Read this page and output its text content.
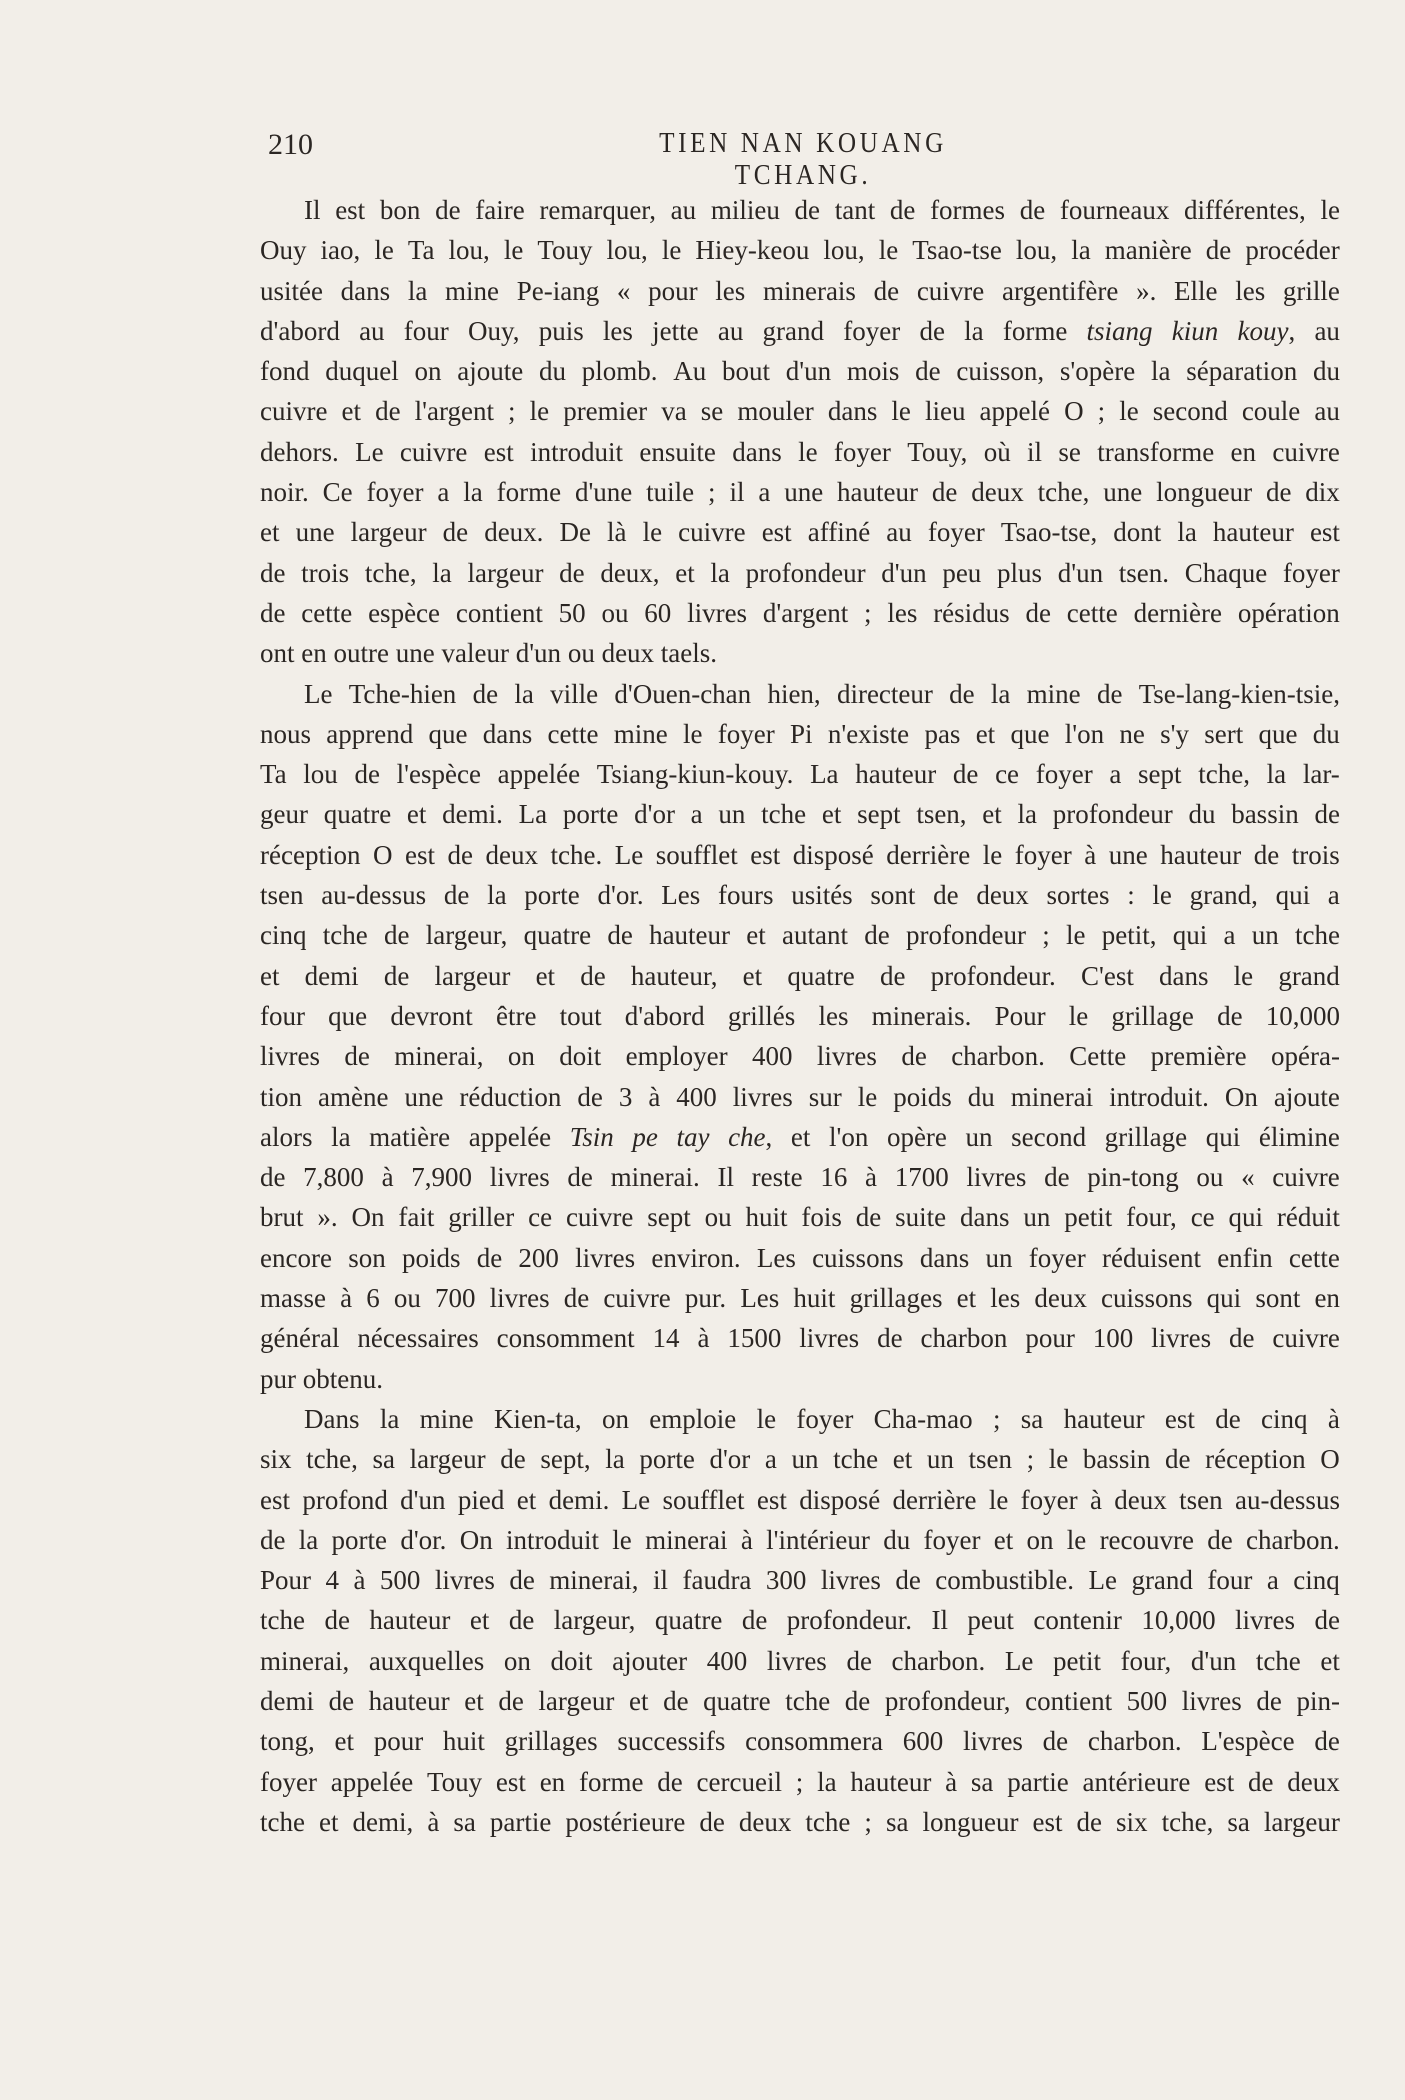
210	TIEN NAN KOUANG TCHANG.
Il est bon de faire remarquer, au milieu de tant de formes de fourneaux différentes, le
Ouy iao, le Ta lou, le Touy lou, le Hiey-keou lou, le Tsao-tse lou, la manière de procéder
usitée dans la mine Pe-iang « pour les minerais de cuivre argentifère ». Elle les grille
d'abord au four Ouy, puis les jette au grand foyer de la forme tsiang kiun kouy, au
fond duquel on ajoute du plomb. Au bout d'un mois de cuisson, s'opère la séparation du
cuivre et de l'argent ; le premier va se mouler dans le lieu appelé O ; le second coule au
dehors. Le cuivre est introduit ensuite dans le foyer Touy, où il se transforme en cuivre
noir. Ce foyer a la forme d'une tuile ; il a une hauteur de deux tche, une longueur de dix
et une largeur de deux. De là le cuivre est affiné au foyer Tsao-tse, dont la hauteur est
de trois tche, la largeur de deux, et la profondeur d'un peu plus d'un tsen. Chaque foyer
de cette espèce contient 50 ou 60 livres d'argent ; les résidus de cette dernière opération
ont en outre une valeur d'un ou deux taels.
Le Tche-hien de la ville d'Ouen-chan hien, directeur de la mine de Tse-lang-kien-tsie,
nous apprend que dans cette mine le foyer Pi n'existe pas et que l'on ne s'y sert que du
Ta lou de l'espèce appelée Tsiang-kiun-kouy. La hauteur de ce foyer a sept tche, la lar-
geur quatre et demi. La porte d'or a un tche et sept tsen, et la profondeur du bassin de
réception O est de deux tche. Le soufflet est disposé derrière le foyer à une hauteur de trois
tsen au-dessus de la porte d'or. Les fours usités sont de deux sortes : le grand, qui a
cinq tche de largeur, quatre de hauteur et autant de profondeur ; le petit, qui a un tche
et demi de largeur et de hauteur, et quatre de profondeur. C'est dans le grand
four que devront être tout d'abord grillés les minerais. Pour le grillage de 10,000
livres de minerai, on doit employer 400 livres de charbon. Cette première opéra-
tion amène une réduction de 3 à 400 livres sur le poids du minerai introduit. On ajoute
alors la matière appelée Tsin pe tay che, et l'on opère un second grillage qui élimine
de 7,800 à 7,900 livres de minerai. Il reste 16 à 1700 livres de pin-tong ou « cuivre
brut ». On fait griller ce cuivre sept ou huit fois de suite dans un petit four, ce qui réduit
encore son poids de 200 livres environ. Les cuissons dans un foyer réduisent enfin cette
masse à 6 ou 700 livres de cuivre pur. Les huit grillages et les deux cuissons qui sont en
général nécessaires consomment 14 à 1500 livres de charbon pour 100 livres de cuivre
pur obtenu.
Dans la mine Kien-ta, on emploie le foyer Cha-mao ; sa hauteur est de cinq à
six tche, sa largeur de sept, la porte d'or a un tche et un tsen ; le bassin de réception O
est profond d'un pied et demi. Le soufflet est disposé derrière le foyer à deux tsen au-dessus
de la porte d'or. On introduit le minerai à l'intérieur du foyer et on le recouvre de charbon.
Pour 4 à 500 livres de minerai, il faudra 300 livres de combustible. Le grand four a cinq
tche de hauteur et de largeur, quatre de profondeur. Il peut contenir 10,000 livres de
minerai, auxquelles on doit ajouter 400 livres de charbon. Le petit four, d'un tche et
demi de hauteur et de largeur et de quatre tche de profondeur, contient 500 livres de pin-
tong, et pour huit grillages successifs consommera 600 livres de charbon. L'espèce de
foyer appelée Touy est en forme de cercueil ; la hauteur à sa partie antérieure est de deux
tche et demi, à sa partie postérieure de deux tche ; sa longueur est de six tche, sa largeur
